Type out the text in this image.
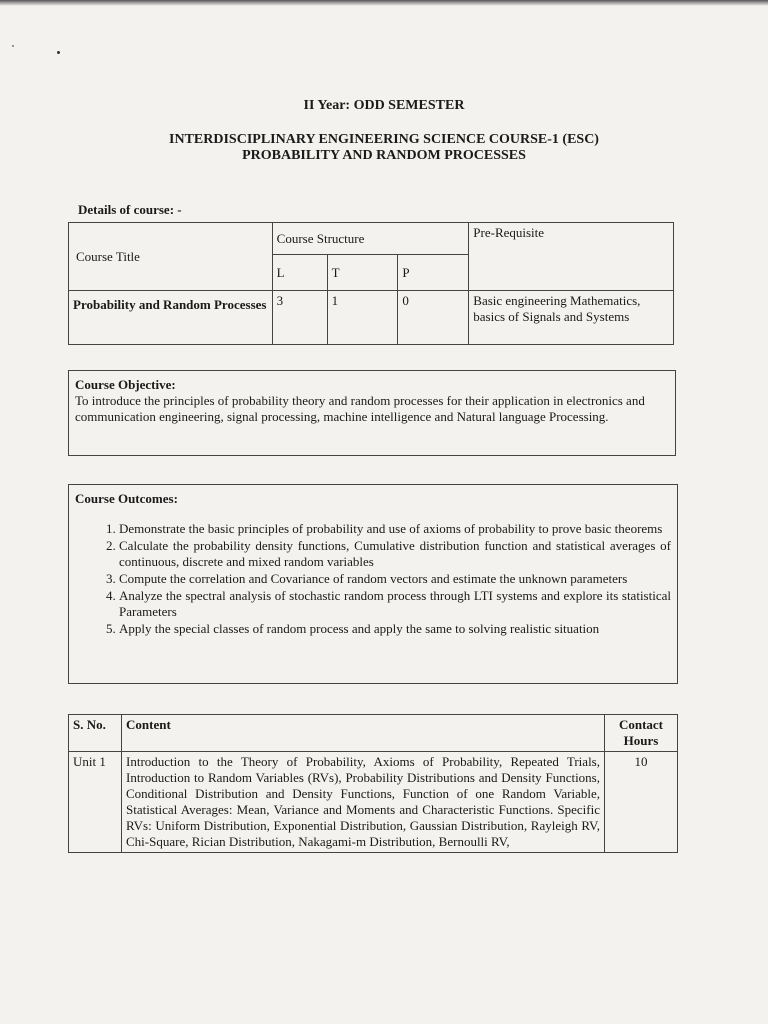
II Year: ODD SEMESTER
INTERDISCIPLINARY ENGINEERING SCIENCE COURSE-1 (ESC)
PROBABILITY AND RANDOM PROCESSES
Details of course: -
Course Title	Course Structure			Pre-Requisite
	L	T	P	
Probability and Random Processes	3	1	0	Basic engineering Mathematics, basics of Signals and Systems
Course Objective:
To introduce the principles of probability theory and random processes for their application in electronics and communication engineering, signal processing, machine intelligence and Natural language Processing.
Course Outcomes:
1. Demonstrate the basic principles of probability and use of axioms of probability to prove basic theorems
2. Calculate the probability density functions, Cumulative distribution function and statistical averages of continuous, discrete and mixed random variables
3. Compute the correlation and Covariance of random vectors and estimate the unknown parameters
4. Analyze the spectral analysis of stochastic random process through LTI systems and explore its statistical Parameters
5. Apply the special classes of random process and apply the same to solving realistic situation
S. No.	Content	Contact Hours
Unit 1	Introduction to the Theory of Probability, Axioms of Probability, Repeated Trials, Introduction to Random Variables (RVs), Probability Distributions and Density Functions, Conditional Distribution and Density Functions, Function of one Random Variable, Statistical Averages: Mean, Variance and Moments and Characteristic Functions. Specific RVs: Uniform Distribution, Exponential Distribution, Gaussian Distribution, Rayleigh RV, Chi-Square, Rician Distribution, Nakagami-m Distribution, Bernoulli RV,	10
